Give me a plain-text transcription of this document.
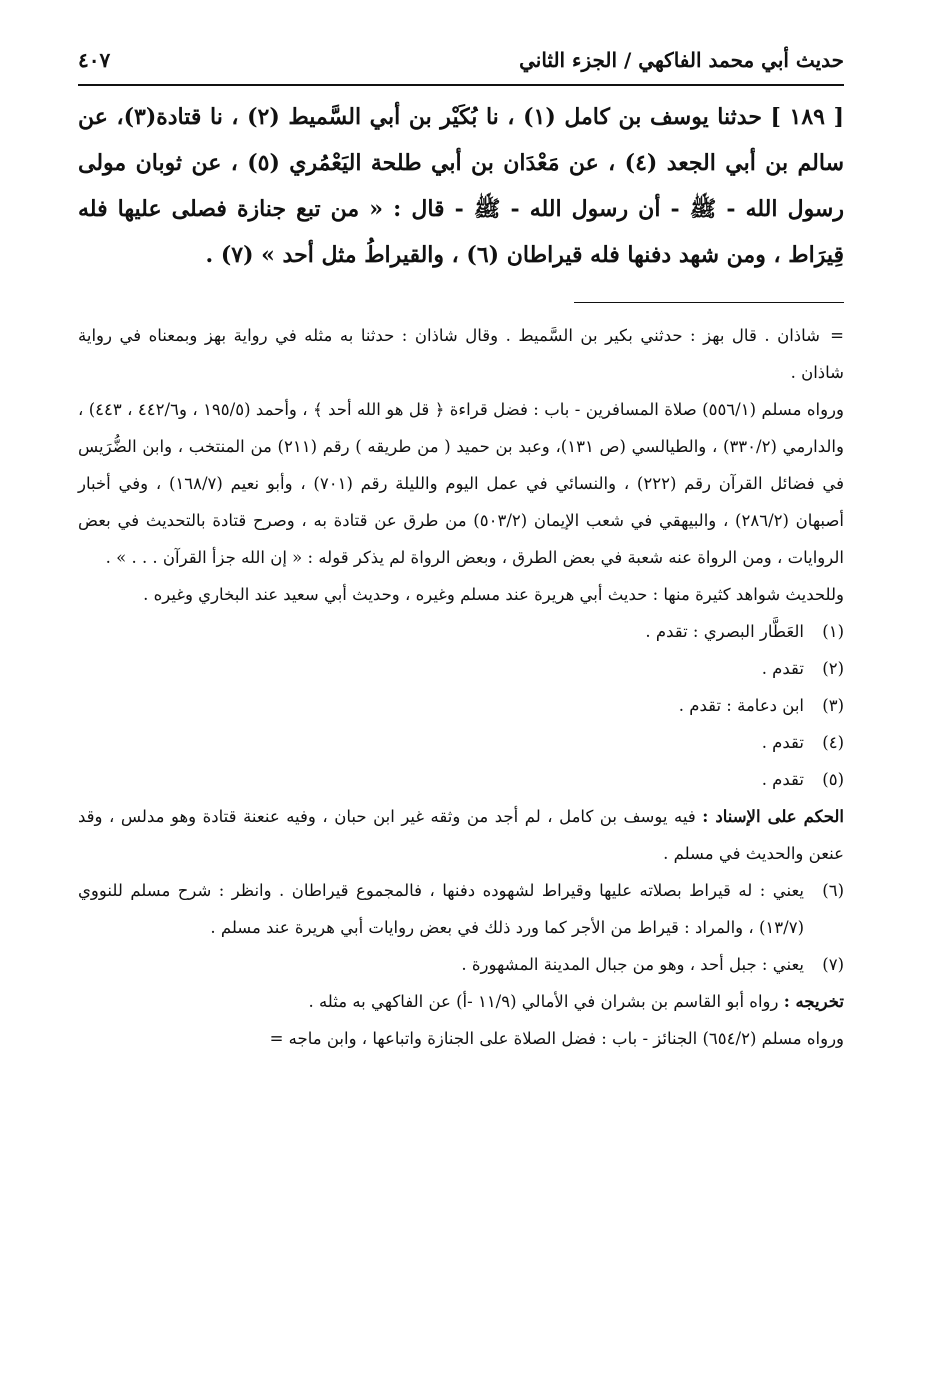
حديث أبي محمد الفاكهي / الجزء الثاني
٤٠٧
[ ١٨٩ ] حدثنا يوسف بن كامل (١) ، نا بُكَيْر بن أبي السَّميط (٢) ، نا قتادة(٣)، عن سالم بن أبي الجعد (٤) ، عن مَعْدَان بن أبي طلحة اليَعْمُري (٥) ، عن ثوبان مولى رسول الله - ﷺ - أن رسول الله - ﷺ - قال : « من تبع جنازة فصلى عليها فله قِيرَاط ، ومن شهد دفنها فله قيراطان (٦) ، والقيراطُ مثل أحد » (٧) .

=شاذان . قال بهز : حدثني بكير بن السَّميط . وقال شاذان : حدثنا به مثله في رواية بهز وبمعناه في رواية شاذان .

ورواه مسلم (٥٥٦/١) صلاة المسافرين - باب : فضل قراءة ﴿ قل هو الله أحد ﴾ ، وأحمد (١٩٥/٥ ، و٤٤٢/٦ ، ٤٤٣) ، والدارمي (٣٣٠/٢) ، والطيالسي (ص ١٣١)، وعبد بن حميد ( من طريقه ) رقم (٢١١) من المنتخب ، وابن الضُّرَيس في فضائل القرآن رقم (٢٢٢) ، والنسائي في عمل اليوم والليلة رقم (٧٠١) ، وأبو نعيم (١٦٨/٧) ، وفي أخبار أصبهان (٢٨٦/٢) ، والبيهقي في شعب الإيمان (٥٠٣/٢) من طرق عن قتادة به ، وصرح قتادة بالتحديث في بعض الروايات ، ومن الرواة عنه شعبة في بعض الطرق ، وبعض الرواة لم يذكر قوله : « إن الله جزأ القرآن . . . » .

وللحديث شواهد كثيرة منها : حديث أبي هريرة عند مسلم وغيره ، وحديث أبي سعيد عند البخاري وغيره .

(١)
العَطَّار البصري : تقدم .
(٢)
تقدم .
(٣)
ابن دعامة : تقدم .
(٤)
تقدم .
(٥)
تقدم .

الحكم على الإسناد : فيه يوسف بن كامل ، لم أجد من وثقه غير ابن حبان ، وفيه عنعنة قتادة وهو مدلس ، وقد عنعن والحديث في مسلم .

(٦)
يعني : له قيراط بصلاته عليها وقيراط لشهوده دفنها ، فالمجموع قيراطان . وانظر : شرح مسلم للنووي (١٣/٧) ، والمراد : قيراط من الأجر كما ورد ذلك في بعض روايات أبي هريرة عند مسلم .
(٧)
يعني : جبل أحد ، وهو من جبال المدينة المشهورة .

تخريجه : رواه أبو القاسم بن بشران في الأمالي (١١/٩ -أ) عن الفاكهي به مثله .

ورواه مسلم (٦٥٤/٢) الجنائز - باب : فضل الصلاة على الجنازة واتباعها ، وابن ماجه =
